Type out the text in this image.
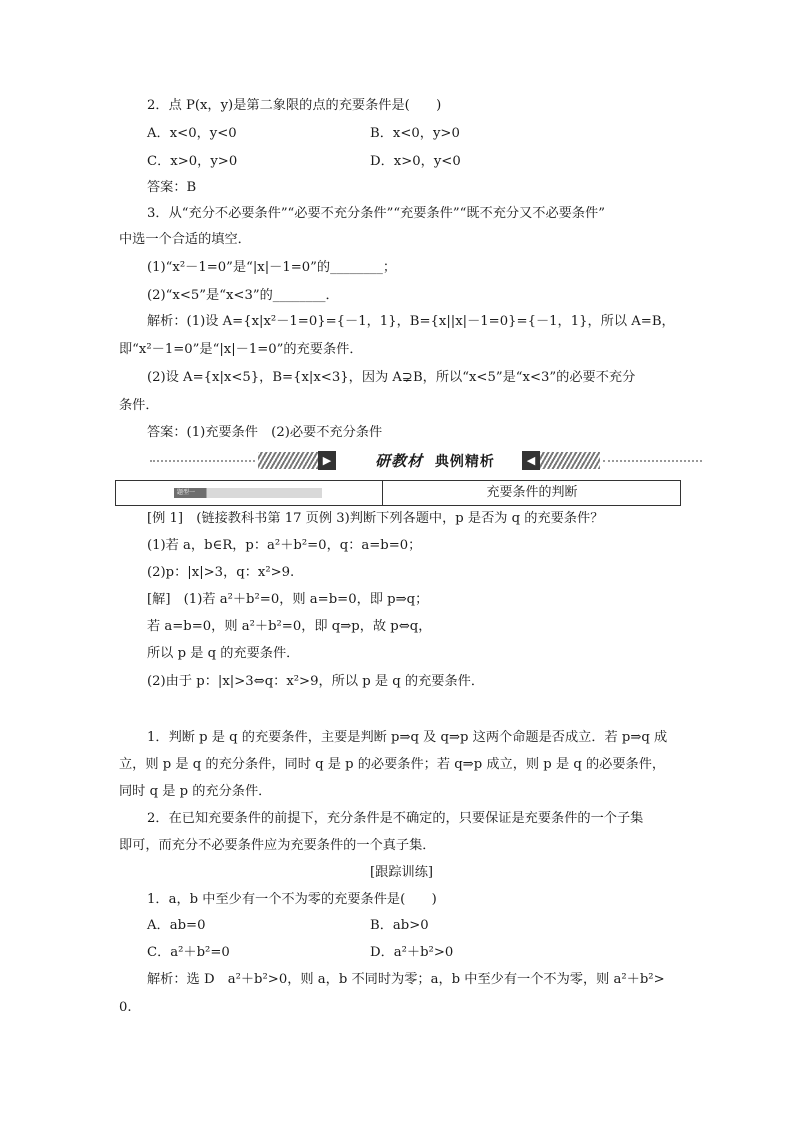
2．点 P(x，y)是第二象限的点的充要条件是(　　)
A．x<0，y<0	B．x<0，y>0
C．x>0，y>0	D．x>0，y<0
答案：B
3．从“充分不必要条件”“必要不充分条件”“充要条件”“既不充分又不必要条件”
中选一个合适的填空．
(1)“x²－1=0”是“|x|－1=0”的________；
(2)“x<5”是“x<3”的________．
解析：(1)设 A={x|x²－1=0}={－1，1}，B={x||x|－1=0}={－1，1}，所以 A=B，
即“x²－1=0”是“|x|－1=0”的充要条件．
(2)设 A={x|x<5}，B={x|x<3}，因为 A⊋B，所以“x<5”是“x<3”的必要不充分
条件．
答案：(1)充要条件　(2)必要不充分条件
▶	研教材 典例精析	◀
题型一	充要条件的判断
[例 1]　(链接教科书第 17 页例 3)判断下列各题中，p 是否为 q 的充要条件？
(1)若 a，b∈R，p：a²＋b²=0，q：a=b=0；
(2)p：|x|>3，q：x²>9.
[解]　(1)若 a²＋b²=0，则 a=b=0，即 p⇒q；
若 a=b=0，则 a²＋b²=0，即 q⇒p，故 p⇔q，
所以 p 是 q 的充要条件．
(2)由于 p：|x|>3⇔q：x²>9，所以 p 是 q 的充要条件．
1．判断 p 是 q 的充要条件，主要是判断 p⇒q 及 q⇒p 这两个命题是否成立．若 p⇒q 成
立，则 p 是 q 的充分条件，同时 q 是 p 的必要条件；若 q⇒p 成立，则 p 是 q 的必要条件，
同时 q 是 p 的充分条件．
2．在已知充要条件的前提下，充分条件是不确定的，只要保证是充要条件的一个子集
即可，而充分不必要条件应为充要条件的一个真子集．
[跟踪训练]
1．a，b 中至少有一个不为零的充要条件是(　　)
A．ab=0	B．ab>0
C．a²＋b²=0	D．a²＋b²>0
解析：选 D　a²＋b²>0，则 a，b 不同时为零；a，b 中至少有一个不为零，则 a²＋b²>
0.
